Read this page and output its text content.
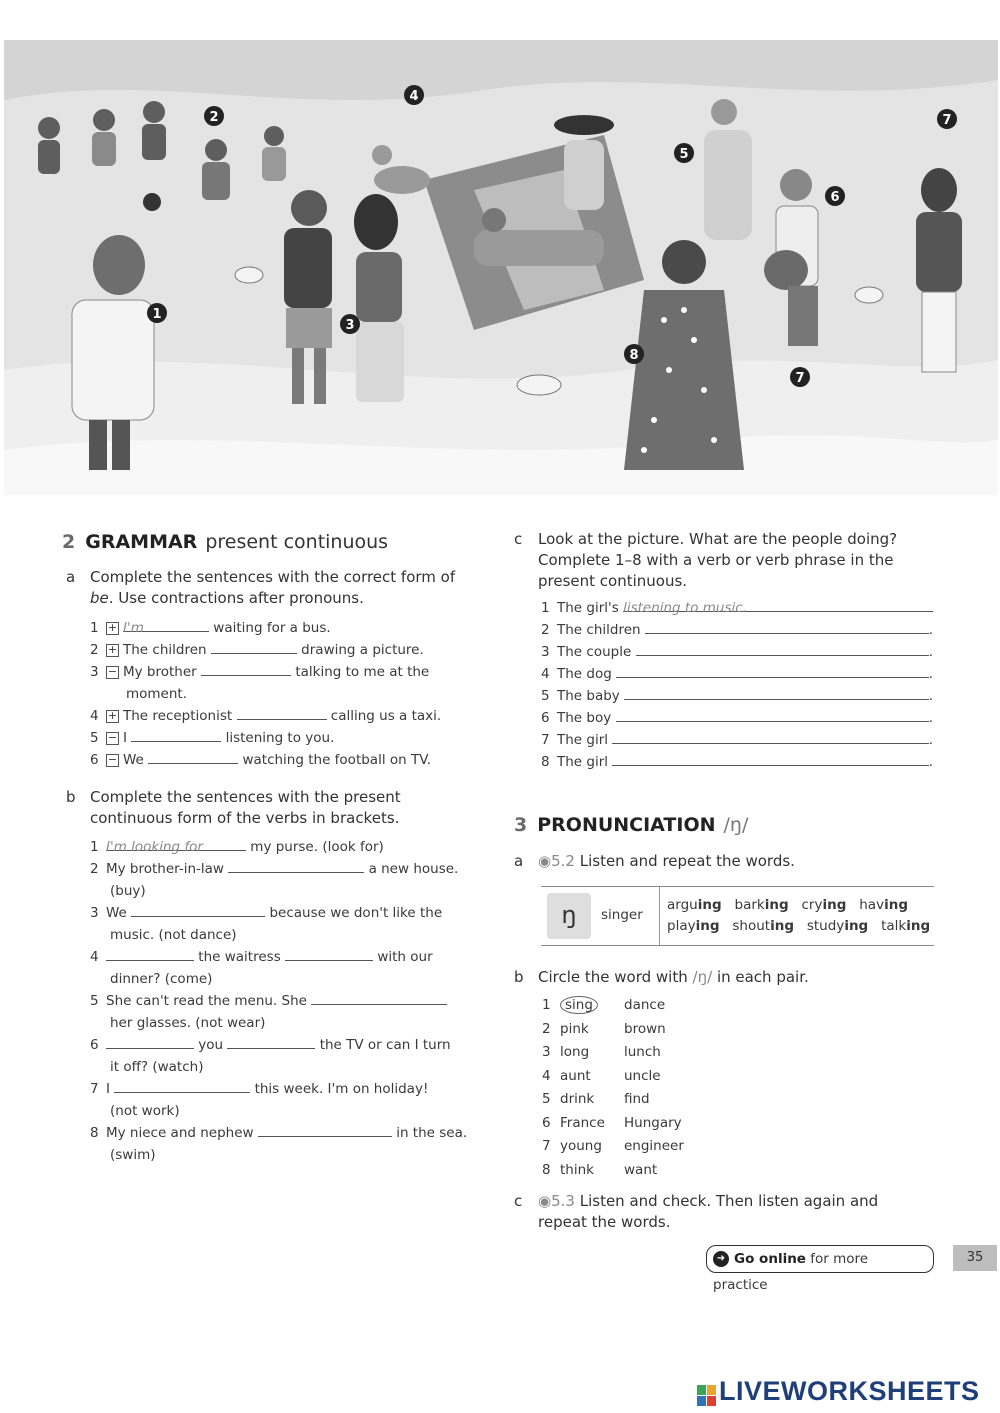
1
2
3
4
5
6
7
7
8
2 GRAMMAR present continuous
a Complete the sentences with the correct form of
be. Use contractions after pronouns.
1 + I'm	waiting for a bus.
2 + The children	drawing a picture.
3 − My brother	talking to me at the
moment.
4 + The receptionist	calling us a taxi.
5 − I	listening to you.
6 − We	watching the football on TV.
b Complete the sentences with the present
continuous form of the verbs in brackets.
1 I'm looking for	my purse. (look for)
2 My brother-in-law	a new house.
(buy)
3 We	because we don't like the
music. (not dance)
4	the waitress	with our
dinner? (come)
5 She can't read the menu. She
her glasses. (not wear)
6	you	the TV or can I turn
it off? (watch)
7 I	this week. I'm on holiday!
(not work)
8 My niece and nephew	in the sea.
(swim)
c Look at the picture. What are the people doing?
Complete 1–8 with a verb or verb phrase in the
present continuous.
1 The girl's
listening to music.
2 The children
	.
3 The couple
	.
4 The dog
	.
5 The baby
	.
6 The boy
	.
7 The girl
	.
8 The girl
	.
3 PRONUNCIATION /ŋ/
a ◉5.2 Listen and repeat the words.
ŋ	singer
arguing barking crying having
playing shouting studying talking
b Circle the word with /ŋ/ in each pair.
1 sing dance
2 pink	brown
3 long	lunch
4 aunt uncle
5 drink find
6 France Hungary
7 young engineer
8 think want
c ◉5.3 Listen and check. Then listen again and
repeat the words.
➜ Go online for more practice
35
LIVEWORKSHEETS
